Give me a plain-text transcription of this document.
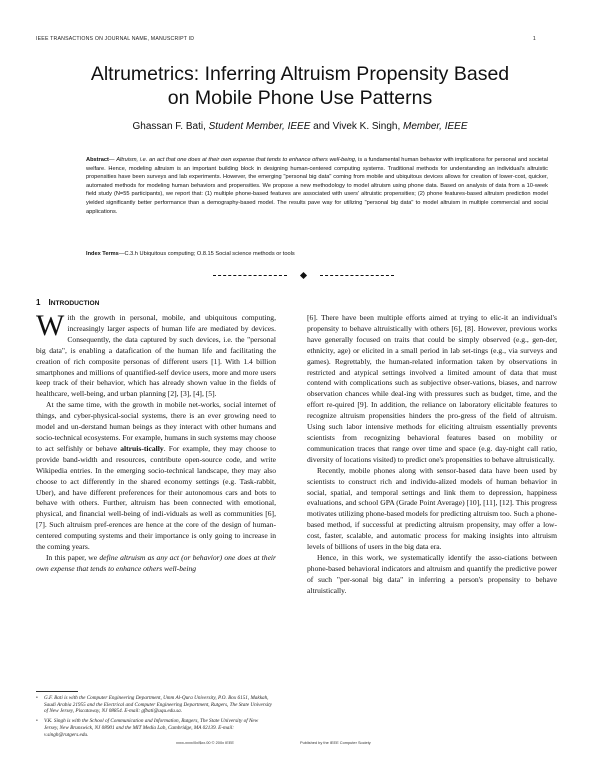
IEEE TRANSACTIONS ON JOURNAL NAME, MANUSCRIPT ID	1
Altrumetrics: Inferring Altruism Propensity Based
on Mobile Phone Use Patterns
Ghassan F. Bati, Student Member, IEEE and Vivek K. Singh, Member, IEEE
Abstract— Altruism, i.e. an act that one does at their own expense that tends to enhance others well-being, is a fundamental human behavior with implications for personal and societal welfare. Hence, modeling altruism is an important building block in designing human-centered computing systems. Traditional methods for understanding an individual's altruistic propensities have been surveys and lab experiments. However, the emerging "personal big data" coming from mobile and ubiquitous devices allows for creation of lower-cost, quicker, automated methods for modeling human behaviors and propensities. We propose a new methodology to model altruism using phone data. Based on analysis of data from a 10-week field study (N=55 participants), we report that: (1) multiple phone-based features are associated with users' altruistic propensities; (2) phone features-based altruism prediction model yielded significantly better performance than a demography-based model. The results pave way for utilizing "personal big data" to model altruism in multiple commercial and social applications.
Index Terms—C.3.h Ubiquitous computing; O.8.15 Social science methods or tools
1 INTRODUCTION

With the growth in personal, mobile, and ubiquitous computing, increasingly larger aspects of human life are mediated by devices. Consequently, the data captured by such devices, i.e. the "personal big data", is enabling a datafication of the human life and facilitating the creation of rich composite personas of different users [1]. With 1.4 billion smartphones and millions of quantified-self device users, more and more users keep track of their behavior, which has already shown value in the fields of healthcare, well-being, and urban planning [2], [3], [4], [5].

At the same time, with the growth in mobile net-works, social internet of things, and cyber-physical-social systems, there is an ever growing need to model and un-derstand human beings as they interact with other humans and socio-technical ecosystems. For example, humans in such systems may choose to act selfishly or behave altruis-tically. For example, they may choose to provide band-width and resources, contribute open-source code, and write Wikipedia entries. In the emerging socio-technical landscape, they may also choose to act differently in the shared economy settings (e.g. Task-rabbit, Uber), and have different preferences for their autonomous cars and bots to behave with others. Further, altruism has been connected with emotional, physical, and financial well-being of indi-viduals as well as communities [6], [7]. Such altruism pref-erences are hence at the core of the design of human-centered computing systems and their importance is only going to increase in the coming years.

In this paper, we define altruism as any act (or behavior) one does at their own expense that tends to enhance others well-being

[6]. There have been multiple efforts aimed at trying to elic-it an individual's propensity to behave altruistically with others [6], [8]. However, previous works have generally focused on traits that could be simply observed (e.g., gen-der, ethnicity, age) or elicited in a small period in lab set-tings (e.g., via surveys and games). Regrettably, the human-related information taken by observations in restricted and atypical settings involved a limited amount of data that must contend with complications such as subjective obser-vations, biases, and narrow observation chances while deal-ing with pressures such as budget, time, and the effort re-quired [9]. In addition, the reliance on laboratory elicitable features to recognize altruism propensities hinders the pro-gress of the field of altruism. Using such labor intensive methods for eliciting altruism essentially prevents scientists from recognizing behavioral features based on mobility or communication traces that range over time and space (e.g. day-night call ratio, diversity of locations visited) to predict one's propensities to behave altruistically.

Recently, mobile phones along with sensor-based data have been used by scientists to construct rich and individu-alized models of human behavior in social, spatial, and temporal settings and link them to depression, happiness evaluations, and school GPA (Grade Point Average) [10], [11], [12]. This progress motivates utilizing phone-based models for predicting altruism too. Such a phone-based method, if successful at predicting altruism propensity, may offer a low-cost, faster, scalable, and automatic process for making insights into altruism levels of billions of users in the big data era.

Hence, in this work, we systematically identify the asso-ciations between phone-based behavioral indicators and altruism and quantify the predictive power of such "per-sonal big data" in inferring a person's propensity to behave altruistically.

• G.F. Bati is with the Computer Engineering Department, Umm Al-Qura University, P.O. Box 6151, Makkah, Saudi Arabia 21955 and the Electrical and Computer Engineering Department, Rutgers, The State University of New Jersey, Piscataway, NJ 08854. E-mail: gfbati@uqu.edu.sa.
• V.K. Singh is with the School of Communication and Information, Rutgers, The State University of New Jersey, New Brunswick, NJ 08901 and the MIT Media Lab, Cambridge, MA 02139. E-mail: v.singh@rutgers.edu.
xxxx-xxxx/0x/$xx.00 © 200x IEEE	Published by the IEEE Computer Society
